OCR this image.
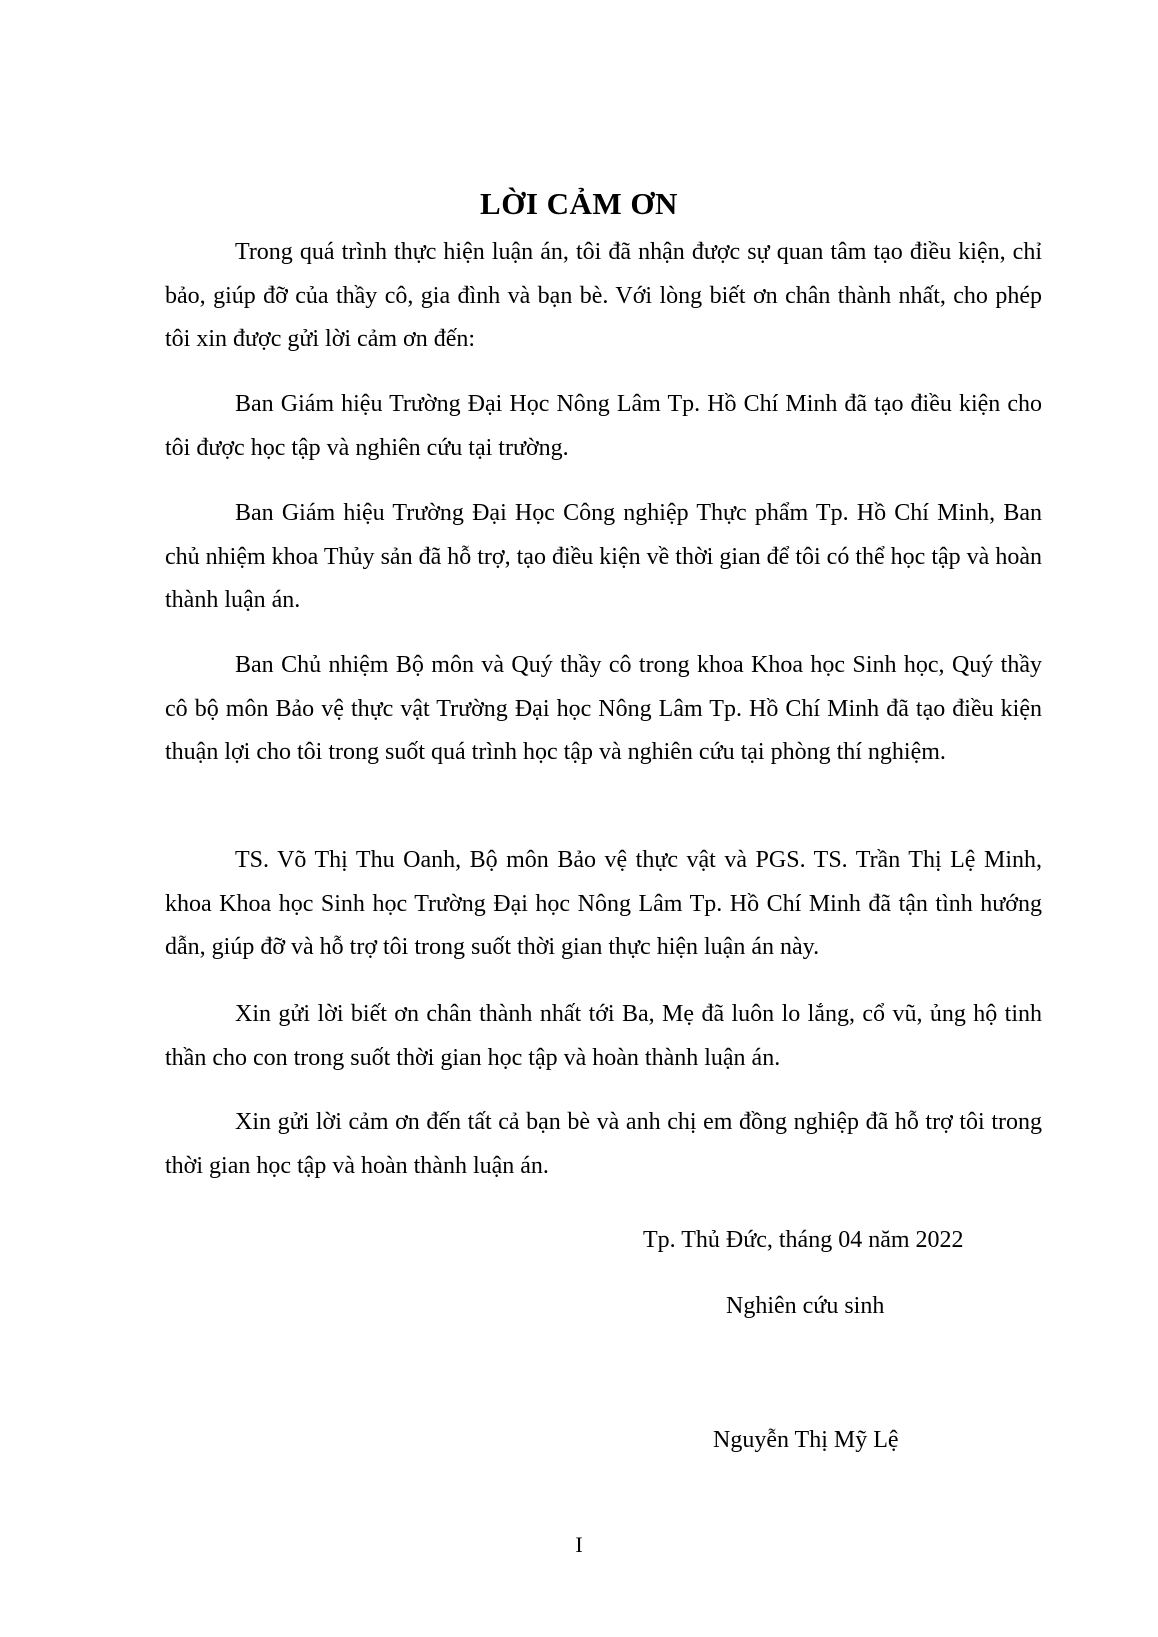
LỜI CẢM ƠN

Trong quá trình thực hiện luận án, tôi đã nhận được sự quan tâm tạo điều kiện, chỉ bảo, giúp đỡ của thầy cô, gia đình và bạn bè. Với lòng biết ơn chân thành nhất, cho phép tôi xin được gửi lời cảm ơn đến:

Ban Giám hiệu Trường Đại Học Nông Lâm Tp. Hồ Chí Minh đã tạo điều kiện cho tôi được học tập và nghiên cứu tại trường.

Ban Giám hiệu Trường Đại Học Công nghiệp Thực phẩm Tp. Hồ Chí Minh, Ban chủ nhiệm khoa Thủy sản đã hỗ trợ, tạo điều kiện về thời gian để tôi có thể học tập và hoàn thành luận án.

Ban Chủ nhiệm Bộ môn và Quý thầy cô trong khoa Khoa học Sinh học, Quý thầy cô bộ môn Bảo vệ thực vật Trường Đại học Nông Lâm Tp. Hồ Chí Minh đã tạo điều kiện thuận lợi cho tôi trong suốt quá trình học tập và nghiên cứu tại phòng thí nghiệm.

TS. Võ Thị Thu Oanh, Bộ môn Bảo vệ thực vật và PGS. TS. Trần Thị Lệ Minh, khoa Khoa học Sinh học Trường Đại học Nông Lâm Tp. Hồ Chí Minh đã tận tình hướng dẫn, giúp đỡ và hỗ trợ tôi trong suốt thời gian thực hiện luận án này.

Xin gửi lời biết ơn chân thành nhất tới Ba, Mẹ đã luôn lo lắng, cổ vũ, ủng hộ tinh thần cho con trong suốt thời gian học tập và hoàn thành luận án.

Xin gửi lời cảm ơn đến tất cả bạn bè và anh chị em đồng nghiệp đã hỗ trợ tôi trong thời gian học tập và hoàn thành luận án.

Tp. Thủ Đức, tháng 04 năm 2022
Nghiên cứu sinh
Nguyễn Thị Mỹ Lệ
I
